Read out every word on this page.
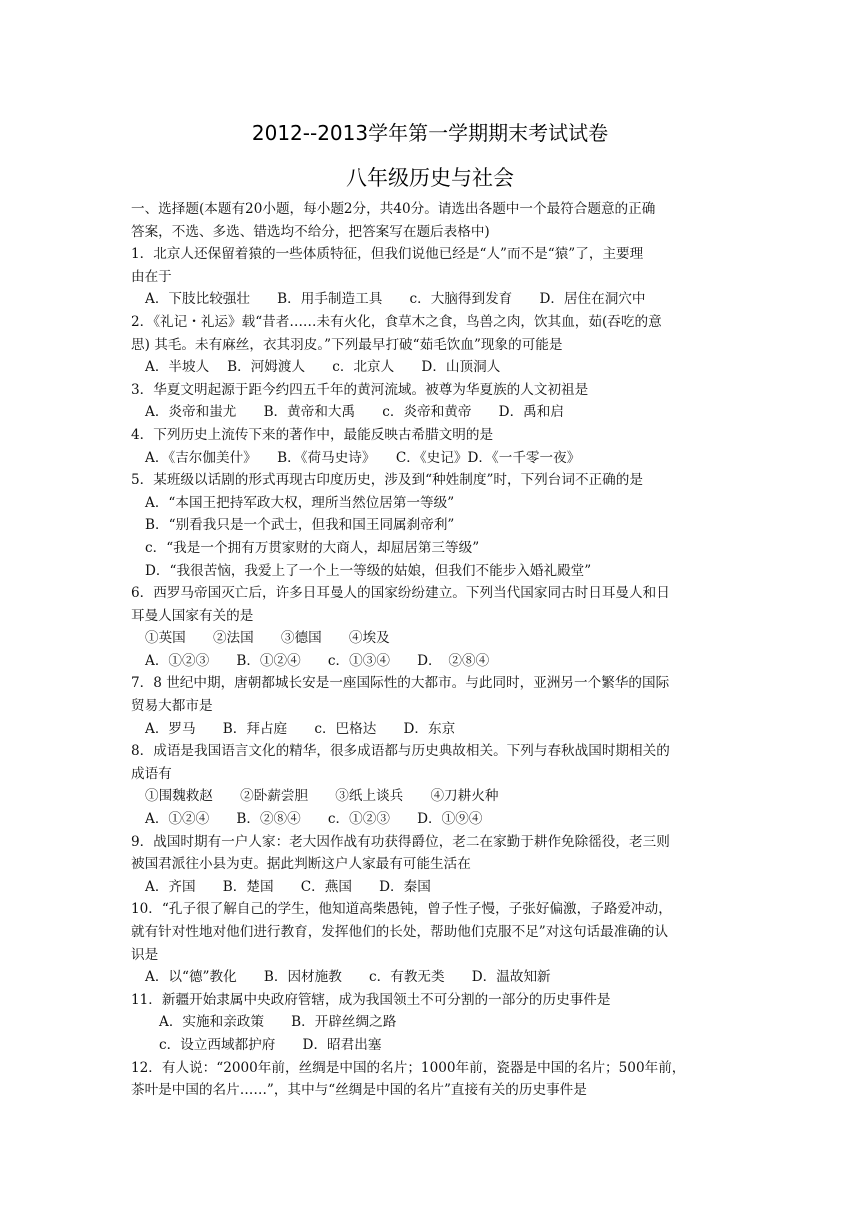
2012--2013学年第一学期期末考试试卷
八年级历史与社会
一、选择题(本题有20小题，每小题2分，共40分。请选出各题中一个最符合题意的正确
答案，不选、多选、错选均不给分，把答案写在题后表格中)
1．北京人还保留着猿的一些体质特征，但我们说他已经是“人”而不是“猿”了，主要理
由在于
A．下肢比较强壮　　B．用手制造工具　　c．大脑得到发育　　D．居住在洞穴中
2．《礼记・礼运》载“昔者……未有火化，食草木之食，鸟兽之肉，饮其血，茹(吞吃的意
思) 其毛。未有麻丝，衣其羽皮。”下列最早打破“茹毛饮血”现象的可能是
A．半坡人　 B．河姆渡人　　c．北京人　　D．山顶洞人
3．华夏文明起源于距今约四五千年的黄河流域。被尊为华夏族的人文初祖是
A．炎帝和蚩尤　　B．黄帝和大禹　　c．炎帝和黄帝　　D．禹和启
4．下列历史上流传下来的著作中，最能反映古希腊文明的是
A．《吉尔伽美什》　　B．《荷马史诗》　　C．《史记》D．《一千零一夜》
5．某班级以话剧的形式再现古印度历史，涉及到“种姓制度”时，下列台词不正确的是
A．“本国王把持军政大权，理所当然位居第一等级”
B．“别看我只是一个武士，但我和国王同属刹帝利”
c．“我是一个拥有万贯家财的大商人，却屈居第三等级”
D．“我很苦恼，我爱上了一个上一等级的姑娘，但我们不能步入婚礼殿堂”
6．西罗马帝国灭亡后，许多日耳曼人的国家纷纷建立。下列当代国家同古时日耳曼人和日
耳曼人国家有关的是
①英国　　②法国　　③德国　　④埃及
A．①②③　　B．①②④　　c．①③④　　D．　②⑧④
7．8 世纪中期，唐朝都城长安是一座国际性的大都市。与此同时，亚洲另一个繁华的国际
贸易大都市是
A．罗马　　B．拜占庭　　c．巴格达　　D．东京
8．成语是我国语言文化的精华，很多成语都与历史典故相关。下列与春秋战国时期相关的
成语有
①围魏救赵　　②卧薪尝胆　　③纸上谈兵　　④刀耕火种
A．①②④　　B．②⑧④　　c．①②③　　D．①⑨④
9．战国时期有一户人家：老大因作战有功获得爵位，老二在家勤于耕作免除徭役，老三则
被国君派往小县为吏。据此判断这户人家最有可能生活在
A．齐国　　B．楚国　　C．燕国　　D．秦国
10．“孔子很了解自己的学生，他知道高柴愚钝，曾子性子慢，子张好偏激，子路爱冲动，
就有针对性地对他们进行教育，发挥他们的长处，帮助他们克服不足”对这句话最准确的认
识是
A．以“德”教化　　B．因材施教　　c．有教无类　　D．温故知新
11．新疆开始隶属中央政府管辖，成为我国领土不可分割的一部分的历史事件是
A．实施和亲政策　　B．开辟丝绸之路
c．设立西域都护府　　D．昭君出塞
12．有人说：“2000年前，丝绸是中国的名片；1000年前，瓷器是中国的名片；500年前，
茶叶是中国的名片……”，其中与“丝绸是中国的名片”直接有关的历史事件是
